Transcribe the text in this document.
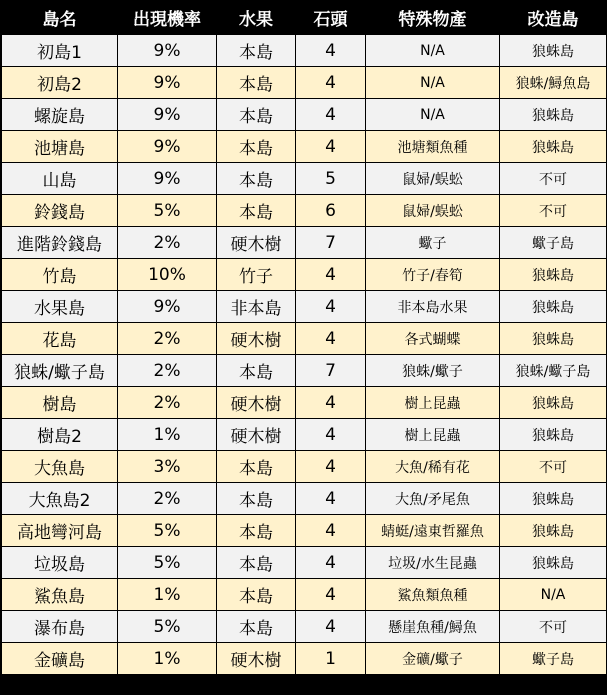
島名	出現機率	水果	石頭	特殊物產	改造島
初島1	9%	本島	4	N/A	狼蛛島
初島2	9%	本島	4	N/A	狼蛛/鱘魚島
螺旋島	9%	本島	4	N/A	狼蛛島
池塘島	9%	本島	4	池塘類魚種	狼蛛島
山島	9%	本島	5	鼠婦/蜈蚣	不可
鈴錢島	5%	本島	6	鼠婦/蜈蚣	不可
進階鈴錢島	2%	硬木樹	7	蠍子	蠍子島
竹島	10%	竹子	4	竹子/春筍	狼蛛島
水果島	9%	非本島	4	非本島水果	狼蛛島
花島	2%	硬木樹	4	各式蝴蝶	狼蛛島
狼蛛/蠍子島	2%	本島	7	狼蛛/蠍子	狼蛛/蠍子島
樹島	2%	硬木樹	4	樹上昆蟲	狼蛛島
樹島2	1%	硬木樹	4	樹上昆蟲	狼蛛島
大魚島	3%	本島	4	大魚/稀有花	不可
大魚島2	2%	本島	4	大魚/矛尾魚	狼蛛島
高地彎河島	5%	本島	4	蜻蜓/遠東哲羅魚	狼蛛島
垃圾島	5%	本島	4	垃圾/水生昆蟲	狼蛛島
鯊魚島	1%	本島	4	鯊魚類魚種	N/A
瀑布島	5%	本島	4	懸崖魚種/鱘魚	不可
金礦島	1%	硬木樹	1	金礦/蠍子	蠍子島
